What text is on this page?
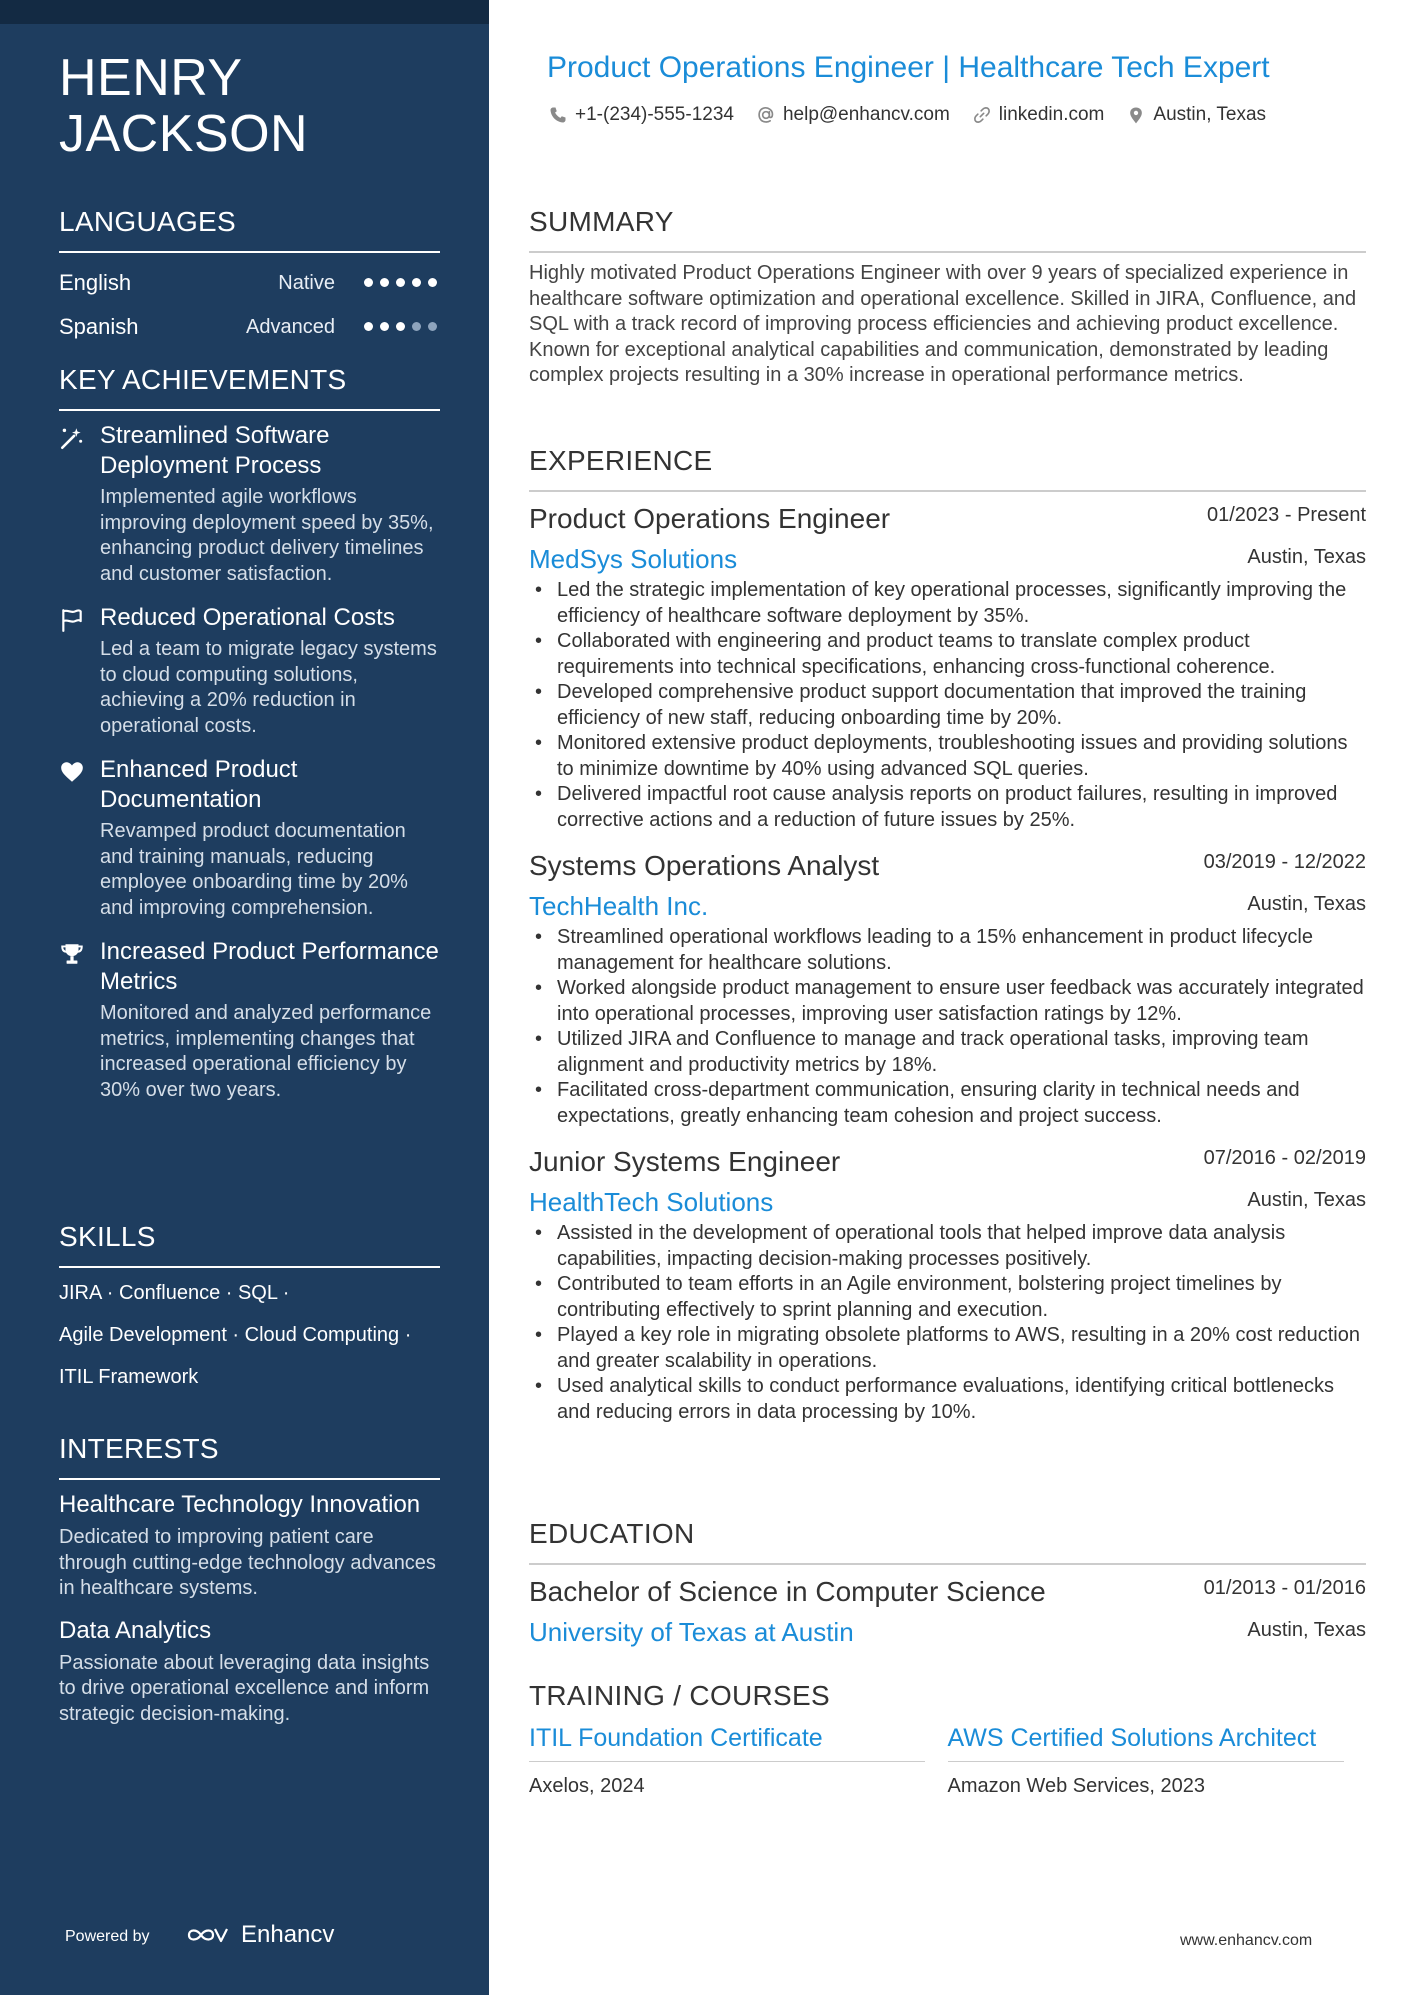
HENRY JACKSON
LANGUAGES
English	Native
Spanish	Advanced
KEY ACHIEVEMENTS
Streamlined Software Deployment Process
Implemented agile workflows improving deployment speed by 35%, enhancing product delivery timelines and customer satisfaction.
Reduced Operational Costs
Led a team to migrate legacy systems to cloud computing solutions, achieving a 20% reduction in operational costs.
Enhanced Product Documentation
Revamped product documentation and training manuals, reducing employee onboarding time by 20% and improving comprehension.
Increased Product Performance Metrics
Monitored and analyzed performance metrics, implementing changes that increased operational efficiency by 30% over two years.
SKILLS
JIRA · Confluence · SQL ·
Agile Development · Cloud Computing ·
ITIL Framework
INTERESTS
Healthcare Technology Innovation
Dedicated to improving patient care through cutting-edge technology advances in healthcare systems.
Data Analytics
Passionate about leveraging data insights to drive operational excellence and inform strategic decision-making.
Powered by	Enhancv
Product Operations Engineer | Healthcare Tech Expert
+1-(234)-555-1234	help@enhancv.com	linkedin.com	Austin, Texas
SUMMARY

Highly motivated Product Operations Engineer with over 9 years of specialized experience in healthcare software optimization and operational excellence. Skilled in JIRA, Confluence, and SQL with a track record of improving process efficiencies and achieving product excellence. Known for exceptional analytical capabilities and communication, demonstrated by leading complex projects resulting in a 30% increase in operational performance metrics.

EXPERIENCE
Product Operations Engineer	01/2023 - Present
MedSys Solutions	Austin, Texas
• Led the strategic implementation of key operational processes, significantly improving the efficiency of healthcare software deployment by 35%.
• Collaborated with engineering and product teams to translate complex product requirements into technical specifications, enhancing cross-functional coherence.
• Developed comprehensive product support documentation that improved the training efficiency of new staff, reducing onboarding time by 20%.
• Monitored extensive product deployments, troubleshooting issues and providing solutions to minimize downtime by 40% using advanced SQL queries.
• Delivered impactful root cause analysis reports on product failures, resulting in improved corrective actions and a reduction of future issues by 25%.
Systems Operations Analyst	03/2019 - 12/2022
TechHealth Inc.	Austin, Texas
• Streamlined operational workflows leading to a 15% enhancement in product lifecycle management for healthcare solutions.
• Worked alongside product management to ensure user feedback was accurately integrated into operational processes, improving user satisfaction ratings by 12%.
• Utilized JIRA and Confluence to manage and track operational tasks, improving team alignment and productivity metrics by 18%.
• Facilitated cross-department communication, ensuring clarity in technical needs and expectations, greatly enhancing team cohesion and project success.
Junior Systems Engineer	07/2016 - 02/2019
HealthTech Solutions	Austin, Texas
• Assisted in the development of operational tools that helped improve data analysis capabilities, impacting decision-making processes positively.
• Contributed to team efforts in an Agile environment, bolstering project timelines by contributing effectively to sprint planning and execution.
• Played a key role in migrating obsolete platforms to AWS, resulting in a 20% cost reduction and greater scalability in operations.
• Used analytical skills to conduct performance evaluations, identifying critical bottlenecks and reducing errors in data processing by 10%.
EDUCATION
Bachelor of Science in Computer Science	01/2013 - 01/2016
University of Texas at Austin	Austin, Texas
TRAINING / COURSES
ITIL Foundation Certificate
Axelos, 2024
AWS Certified Solutions Architect
Amazon Web Services, 2023
www.enhancv.com
